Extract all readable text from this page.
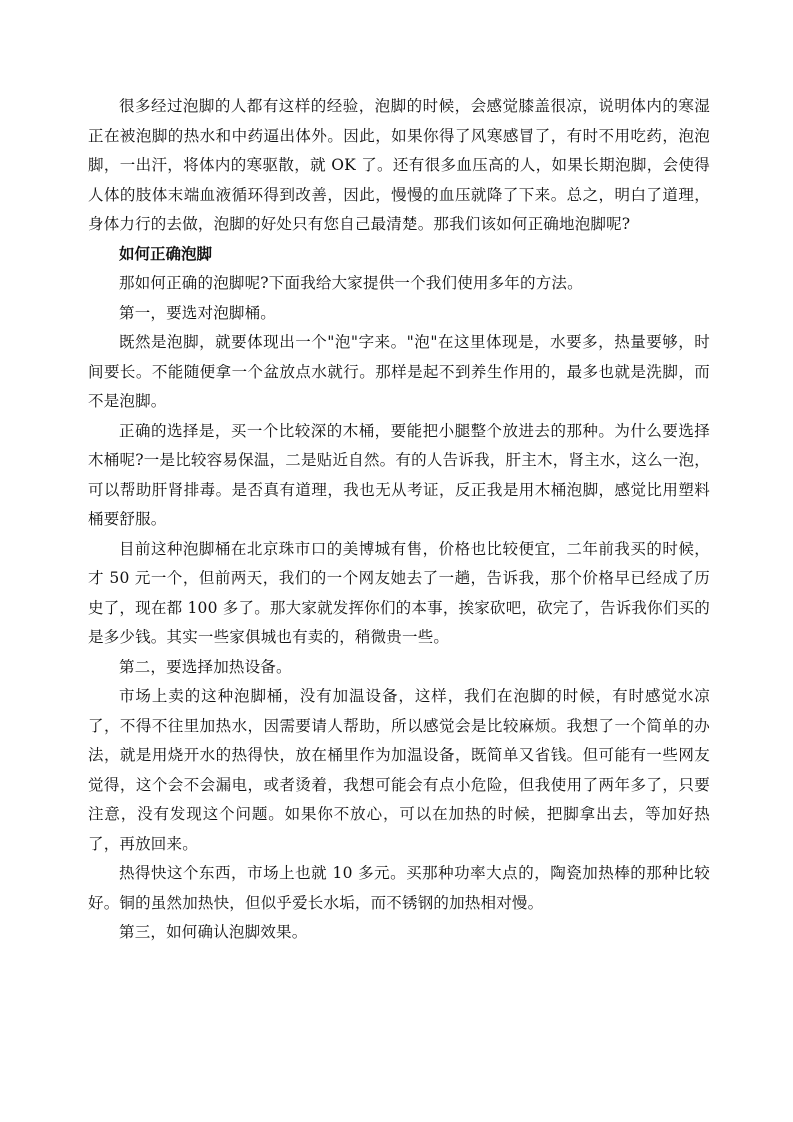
很多经过泡脚的人都有这样的经验，泡脚的时候，会感觉膝盖很凉，说明体内的寒湿正在被泡脚的热水和中药逼出体外。因此，如果你得了风寒感冒了，有时不用吃药，泡泡脚，一出汗，将体内的寒驱散，就 OK 了。还有很多血压高的人，如果长期泡脚，会使得人体的肢体末端血液循环得到改善，因此，慢慢的血压就降了下来。总之，明白了道理，身体力行的去做，泡脚的好处只有您自己最清楚。那我们该如何正确地泡脚呢?

如何正确泡脚

那如何正确的泡脚呢?下面我给大家提供一个我们使用多年的方法。

第一，要选对泡脚桶。

既然是泡脚，就要体现出一个"泡"字来。"泡"在这里体现是，水要多，热量要够，时间要长。不能随便拿一个盆放点水就行。那样是起不到养生作用的，最多也就是洗脚，而不是泡脚。

正确的选择是，买一个比较深的木桶，要能把小腿整个放进去的那种。为什么要选择木桶呢?一是比较容易保温，二是贴近自然。有的人告诉我，肝主木，肾主水，这么一泡，可以帮助肝肾排毒。是否真有道理，我也无从考证，反正我是用木桶泡脚，感觉比用塑料桶要舒服。

目前这种泡脚桶在北京珠市口的美博城有售，价格也比较便宜，二年前我买的时候，才 50 元一个，但前两天，我们的一个网友她去了一趟，告诉我，那个价格早已经成了历史了，现在都 100 多了。那大家就发挥你们的本事，挨家砍吧，砍完了，告诉我你们买的是多少钱。其实一些家俱城也有卖的，稍微贵一些。

第二，要选择加热设备。

市场上卖的这种泡脚桶，没有加温设备，这样，我们在泡脚的时候，有时感觉水凉了，不得不往里加热水，因需要请人帮助，所以感觉会是比较麻烦。我想了一个简单的办法，就是用烧开水的热得快，放在桶里作为加温设备，既简单又省钱。但可能有一些网友觉得，这个会不会漏电，或者烫着，我想可能会有点小危险，但我使用了两年多了，只要注意，没有发现这个问题。如果你不放心，可以在加热的时候，把脚拿出去，等加好热了，再放回来。

热得快这个东西，市场上也就 10 多元。买那种功率大点的，陶瓷加热棒的那种比较好。铜的虽然加热快，但似乎爱长水垢，而不锈钢的加热相对慢。

第三，如何确认泡脚效果。
